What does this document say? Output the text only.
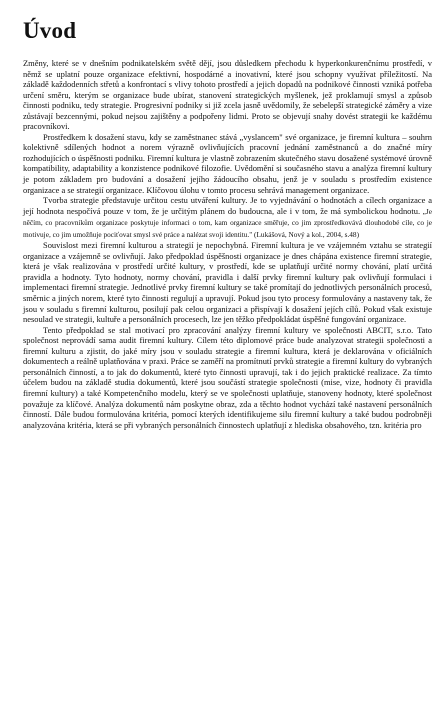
Úvod

Změny, které se v dnešním podnikatelském světě dějí, jsou důsledkem přechodu k hyperkonkurenčnímu prostředí, v němž se uplatní pouze organizace efektivní, hospodárné a inovativní, které jsou schopny využívat příležitostí. Na základě každodenních střetů a konfrontací s vlivy tohoto prostředí a jejich dopadů na podnikové činnosti vzniká potřeba určení směru, kterým se organizace bude ubírat, stanovení strategických myšlenek, jež proklamují smysl a způsob činnosti podniku, tedy strategie. Progresivní podniky si již zcela jasně uvědomily, že sebelepší strategické záměry a vize zůstávají bezcennými, pokud nejsou zajištěny a podpořeny lidmi. Proto se objevují snahy dovést strategii ke každému pracovníkovi.

Prostředkem k dosažení stavu, kdy se zaměstnanec stává „vyslancem" své organizace, je firemní kultura – souhrn kolektivně sdílených hodnot a norem výrazně ovlivňujících pracovní jednání zaměstnanců a do značné míry rozhodujících o úspěšnosti podniku. Firemní kultura je vlastně zobrazením skutečného stavu dosažené systémové úrovně kompatibility, adaptability a konzistence podnikové filozofie. Uvědomění si současného stavu a analýza firemní kultury je potom základem pro budování a dosažení jejího žádoucího obsahu, jenž je v souladu s prostředím existence organizace a se strategií organizace. Klíčovou úlohu v tomto procesu sehrává management organizace.

Tvorba strategie představuje určitou cestu utváření kultury. Je to vyjednávání o hodnotách a cílech organizace a její hodnota nespočívá pouze v tom, že je určitým plánem do budoucna, ale i v tom, že má symbolickou hodnotu. „Je něčím, co pracovníkům organizace poskytuje informaci o tom, kam organizace směřuje, co jim zprostředkovává dlouhodobé cíle, co je motivuje, co jim umožňuje pociťovat smysl své práce a nalézat svoji identitu." (Lukášová, Nový a kol., 2004, s.48)

Souvislost mezi firemní kulturou a strategií je nepochybná. Firemní kultura je ve vzájemném vztahu se strategií organizace a vzájemně se ovlivňují. Jako předpoklad úspěšnosti organizace je dnes chápána existence firemní strategie, která je však realizována v prostředí určité kultury, v prostředí, kde se uplatňují určité normy chování, platí určitá pravidla a hodnoty. Tyto hodnoty, normy chování, pravidla i další prvky firemní kultury pak ovlivňují formulaci i implementaci firemní strategie. Jednotlivé prvky firemní kultury se také promítají do jednotlivých personálních procesů, směrnic a jiných norem, které tyto činnosti regulují a upravují. Pokud jsou tyto procesy formulovány a nastaveny tak, že jsou v souladu s firemní kulturou, posilují pak celou organizaci a přispívají k dosažení jejích cílů. Pokud však existuje nesoulad ve strategii, kultuře a personálních procesech, lze jen těžko předpokládat úspěšné fungování organizace.

Tento předpoklad se stal motivací pro zpracování analýzy firemní kultury ve společnosti ABCIT, s.r.o. Tato společnost neprovádí sama audit firemní kultury. Cílem této diplomové práce bude analyzovat strategii společnosti a firemní kulturu a zjistit, do jaké míry jsou v souladu strategie a firemní kultura, která je deklarována v oficiálních dokumentech a reálně uplatňována v praxi. Práce se zaměří na promítnutí prvků strategie a firemní kultury do vybraných personálních činností, a to jak do dokumentů, které tyto činnosti upravují, tak i do jejich praktické realizace. Za tímto účelem budou na základě studia dokumentů, které jsou součástí strategie společnosti (mise, vize, hodnoty či pravidla firemní kultury) a také Kompetenčního modelu, který se ve společnosti uplatňuje, stanoveny hodnoty, které společnost považuje za klíčové. Analýza dokumentů nám poskytne obraz, zda a těchto hodnot vychází také nastavení personálních činností. Dále budou formulována kritéria, pomocí kterých identifikujeme silu firemní kultury a také budou podrobněji analyzována kritéria, která se při vybraných personálních činnostech uplatňují z hlediska obsahového, tzn. kritéria pro
